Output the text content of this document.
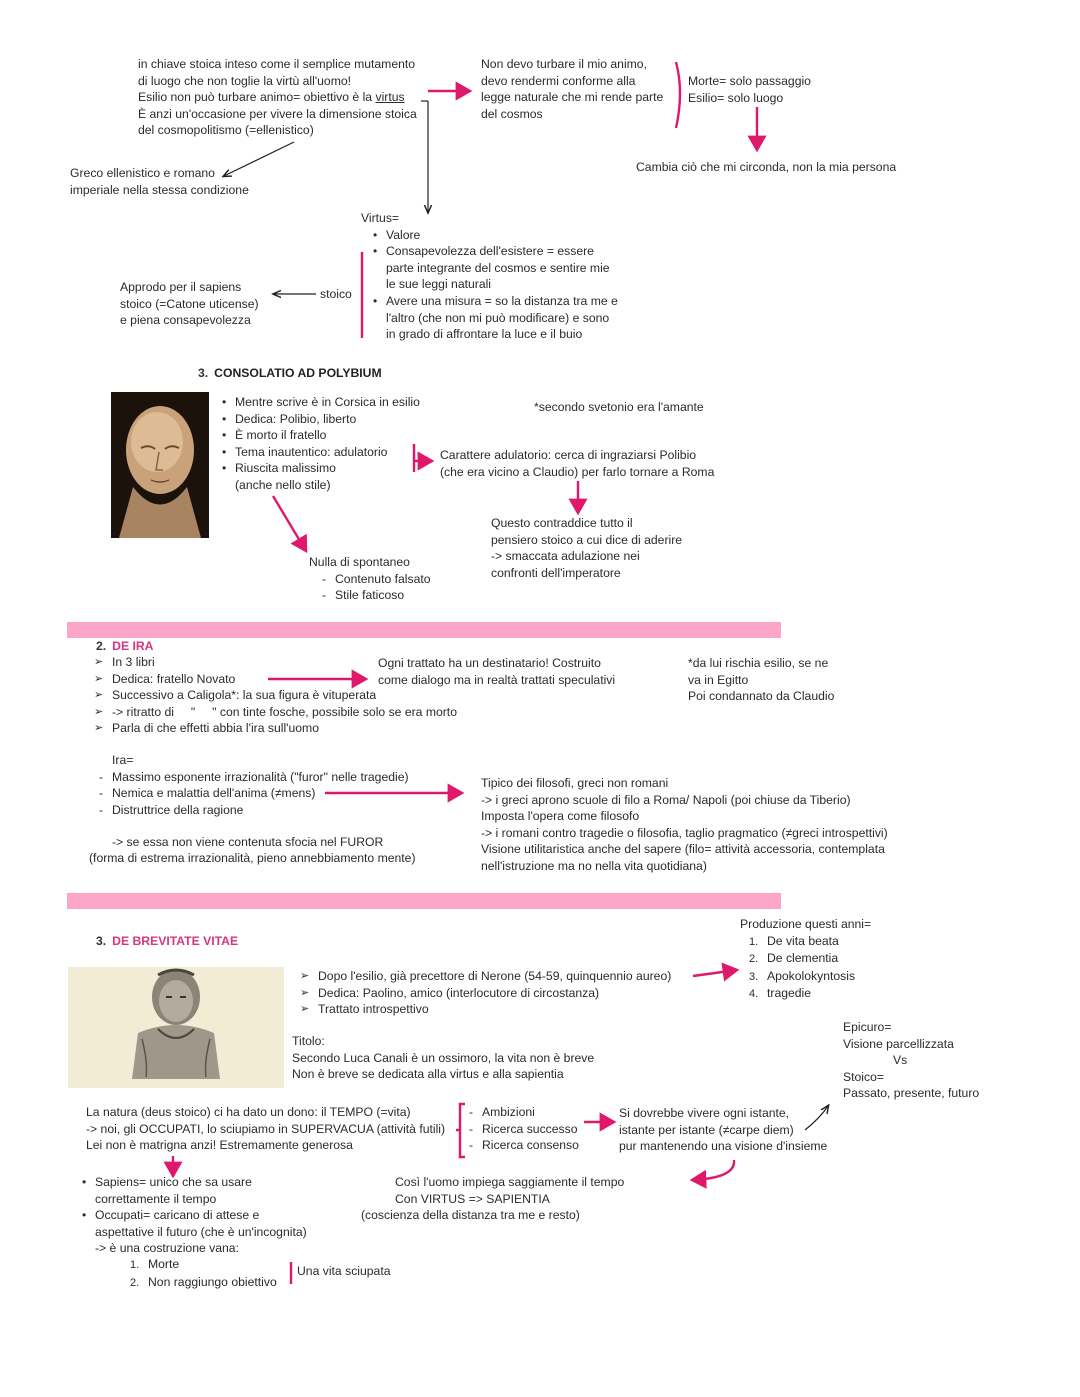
in chiave stoica inteso come il semplice mutamento
di luogo che non toglie la virtù all'uomo!
Esilio non può turbare animo= obiettivo è la virtus
È anzi un'occasione per vivere la dimensione stoica
del cosmopolitismo (=ellenistico)
Greco ellenistico e romano
imperiale nella stessa condizione
Non devo turbare il mio animo,
devo rendermi conforme alla
legge naturale che mi rende parte
del cosmos
Morte= solo passaggio
Esilio= solo luogo
Cambia ciò che mi circonda, non la mia persona
Virtus=
• Valore
• Consapevolezza dell'esistere = essere
parte integrante del cosmos e sentire mie
le sue leggi naturali
• Avere una misura = so la distanza tra me e
l'altro (che non mi può modificare) e sono
in grado di affrontare la luce e il buio
stoico
Approdo per il sapiens
stoico (=Catone uticense)
e piena consapevolezza
3. CONSOLATIO AD POLYBIUM
• Mentre scrive è in Corsica in esilio
• Dedica: Polibio, liberto
• È morto il fratello
• Tema inautentico: adulatorio
• Riuscita malissimo
(anche nello stile)
*secondo svetonio era l'amante
Carattere adulatorio: cerca di ingraziarsi Polibio
(che era vicino a Claudio) per farlo tornare a Roma
Questo contraddice tutto il
pensiero stoico a cui dice di aderire
-> smaccata adulazione nei
confronti dell'imperatore
Nulla di spontaneo
- Contenuto falsato
- Stile faticoso
2. DE IRA
➢ In 3 libri
➢ Dedica: fratello Novato
➢ Successivo a Caligola*: la sua figura è vituperata
➢ -> ritratto di     "     " con tinte fosche, possibile solo se era morto
➢ Parla di che effetti abbia l'ira sull'uomo
Ogni trattato ha un destinatario! Costruito
come dialogo ma in realtà trattati speculativi
*da lui rischia esilio, se ne
va in Egitto
Poi condannato da Claudio
Ira=
- Massimo esponente irrazionalità ("furor" nelle tragedie)
- Nemica e malattia dell'anima (≠mens)
- Distruttrice della ragione
-> se essa non viene contenuta sfocia nel FUROR
(forma di estrema irrazionalità, pieno annebbiamento mente)
Tipico dei filosofi, greci non romani
-> i greci aprono scuole di filo a Roma/ Napoli (poi chiuse da Tiberio)
Imposta l'opera come filosofo
-> i romani contro tragedie o filosofia, taglio pragmatico (≠greci introspettivi)
Visione utilitaristica anche del sapere (filo= attività accessoria, contemplata
nell'istruzione ma no nella vita quotidiana)
3. DE BREVITATE VITAE
Produzione questi anni=
1. De vita beata
2. De clementia
3. Apokolokyntosis
4. tragedie
➢ Dopo l'esilio, già precettore di Nerone (54-59, quinquennio aureo)
➢ Dedica: Paolino, amico (interlocutore di circostanza)
➢ Trattato introspettivo
Titolo:
Secondo Luca Canali è un ossimoro, la vita non è breve
Non è breve se dedicata alla virtus e alla sapientia
Epicuro=
Visione parcellizzata
Vs
Stoico=
Passato, presente, futuro
La natura (deus stoico) ci ha dato un dono: il TEMPO (=vita)
-> noi, gli OCCUPATI, lo sciupiamo in SUPERVACUA (attività futili)
Lei non è matrigna anzi! Estremamente generosa
- Ambizioni
- Ricerca successo
- Ricerca consenso
Si dovrebbe vivere ogni istante,
istante per istante (≠carpe diem)
pur mantenendo una visione d'insieme
• Sapiens= unico che sa usare
correttamente il tempo
• Occupati= caricano di attese e
aspettative il futuro (che è un'incognita)
-> è una costruzione vana:
1. Morte
2. Non raggiungo obiettivo
Una vita sciupata
Così l'uomo impiega saggiamente il tempo
Con VIRTUS => SAPIENTIA
(coscienza della distanza tra me e resto)
